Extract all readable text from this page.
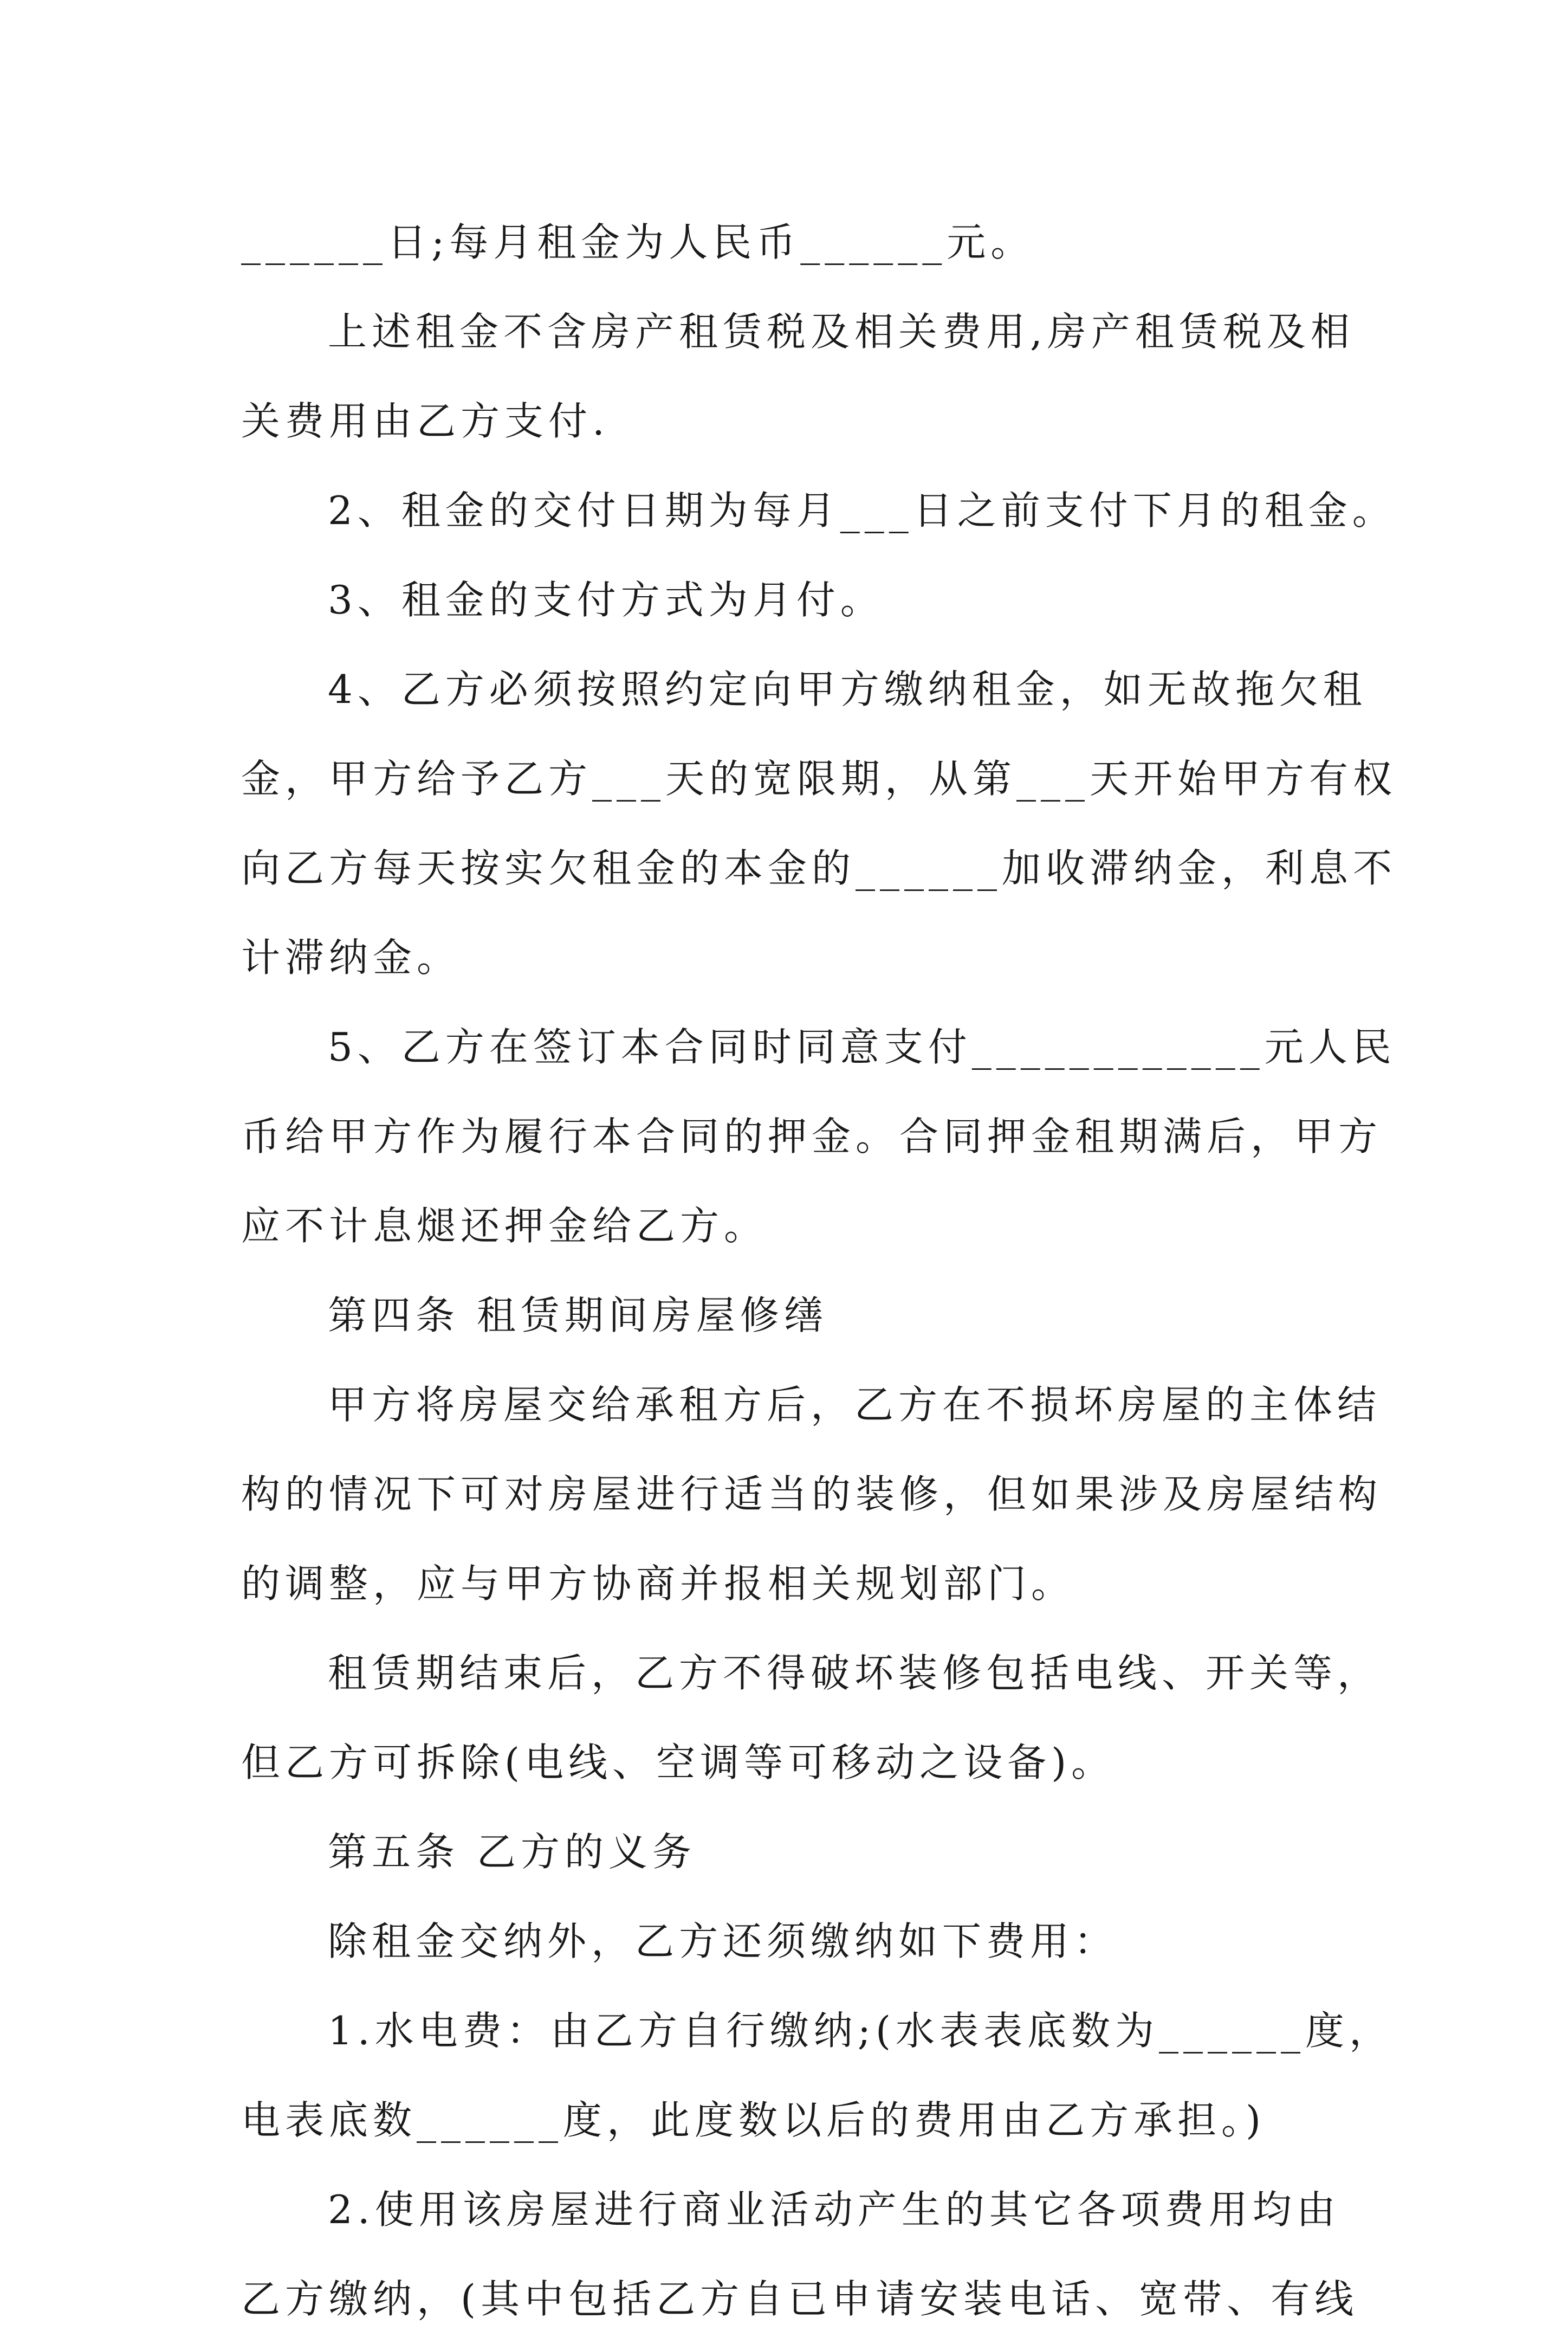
______日;每月租金为人民币______元。
上述租金不含房产租赁税及相关费用,房产租赁税及相
关费用由乙方支付.
2、租金的交付日期为每月___日之前支付下月的租金。
3、租金的支付方式为月付。
4、乙方必须按照约定向甲方缴纳租金，如无故拖欠租
金，甲方给予乙方___天的宽限期，从第___天开始甲方有权
向乙方每天按实欠租金的本金的______加收滞纳金，利息不
计滞纳金。
5、乙方在签订本合同时同意支付____________元人民
币给甲方作为履行本合同的押金。合同押金租期满后，甲方
应不计息煺还押金给乙方。
第四条 租赁期间房屋修缮
甲方将房屋交给承租方后，乙方在不损坏房屋的主体结
构的情况下可对房屋进行适当的装修，但如果涉及房屋结构
的调整，应与甲方协商并报相关规划部门。
租赁期结束后，乙方不得破坏装修包括电线、开关等，
但乙方可拆除(电线、空调等可移动之设备)。
第五条 乙方的义务
除租金交纳外，乙方还须缴纳如下费用：
1.水电费：由乙方自行缴纳;(水表表底数为______度，
电表底数______度，此度数以后的费用由乙方承担。)
2.使用该房屋进行商业活动产生的其它各项费用均由
乙方缴纳，(其中包括乙方自已申请安装电话、宽带、有线
